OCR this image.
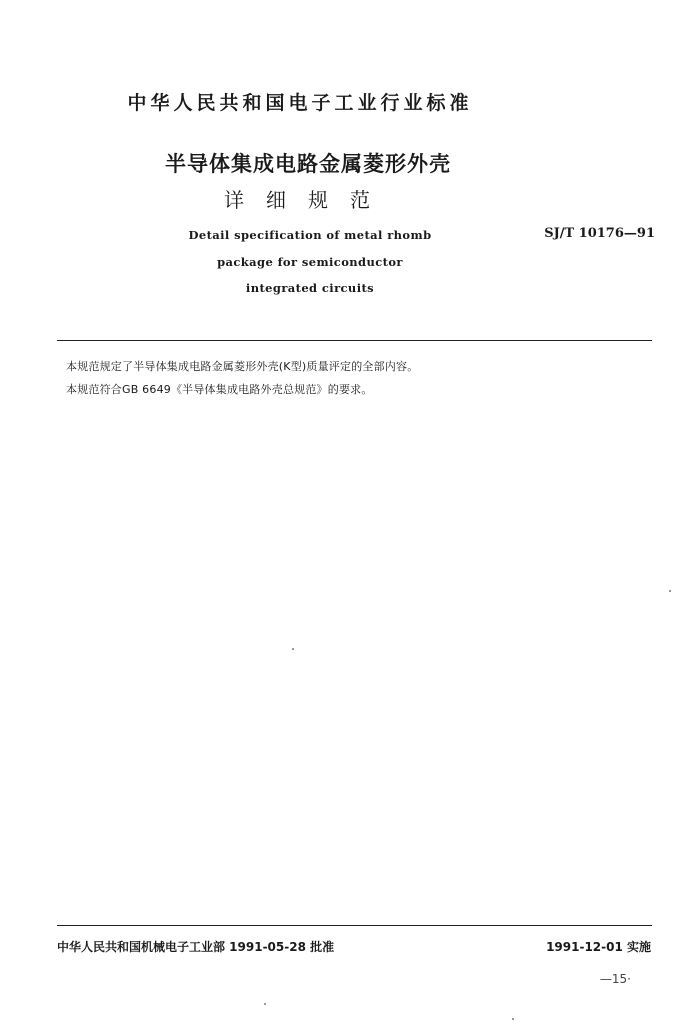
中华人民共和国电子工业行业标准
半导体集成电路金属菱形外壳
详细规范
Detail specification of metal rhomb
package for semiconductor
integrated circuits
SJ/T 10176—91
本规范规定了半导体集成电路金属菱形外壳(K型)质量评定的全部内容。
本规范符合GB 6649《半导体集成电路外壳总规范》的要求。
中华人民共和国机械电子工业部 1991-05-28 批准	1991-12-01 实施
—15·
